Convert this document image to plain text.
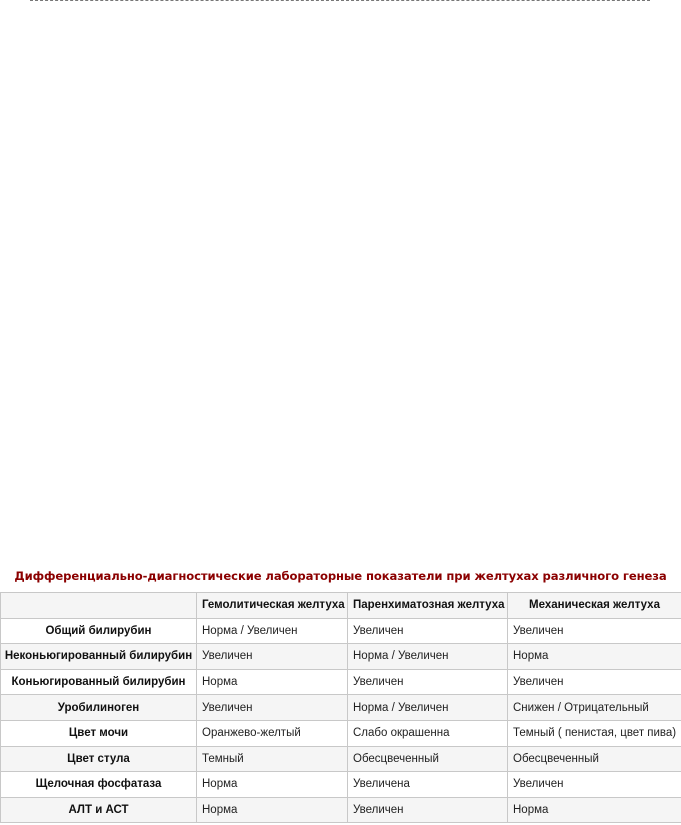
Дифференциально-диагностические лабораторные показатели при желтухах различного генеза
	Гемолитическая желтуха	Паренхиматозная желтуха	Механическая желтуха
Общий билирубин	Норма / Увеличен	Увеличен	Увеличен
Неконьюгированный билирубин	Увеличен	Норма / Увеличен	Норма
Коньюгированный билирубин	Норма	Увеличен	Увеличен
Уробилиноген	Увеличен	Норма / Увеличен	Снижен / Отрицательный
Цвет мочи	Оранжево-желтый	Слабо окрашенна	Темный ( пенистая, цвет пива)
Цвет стула	Темный	Обесцвеченный	Обесцвеченный
Щелочная фосфатаза	Норма	Увеличена	Увеличен
АЛТ и АСТ	Норма	Увеличен	Норма
